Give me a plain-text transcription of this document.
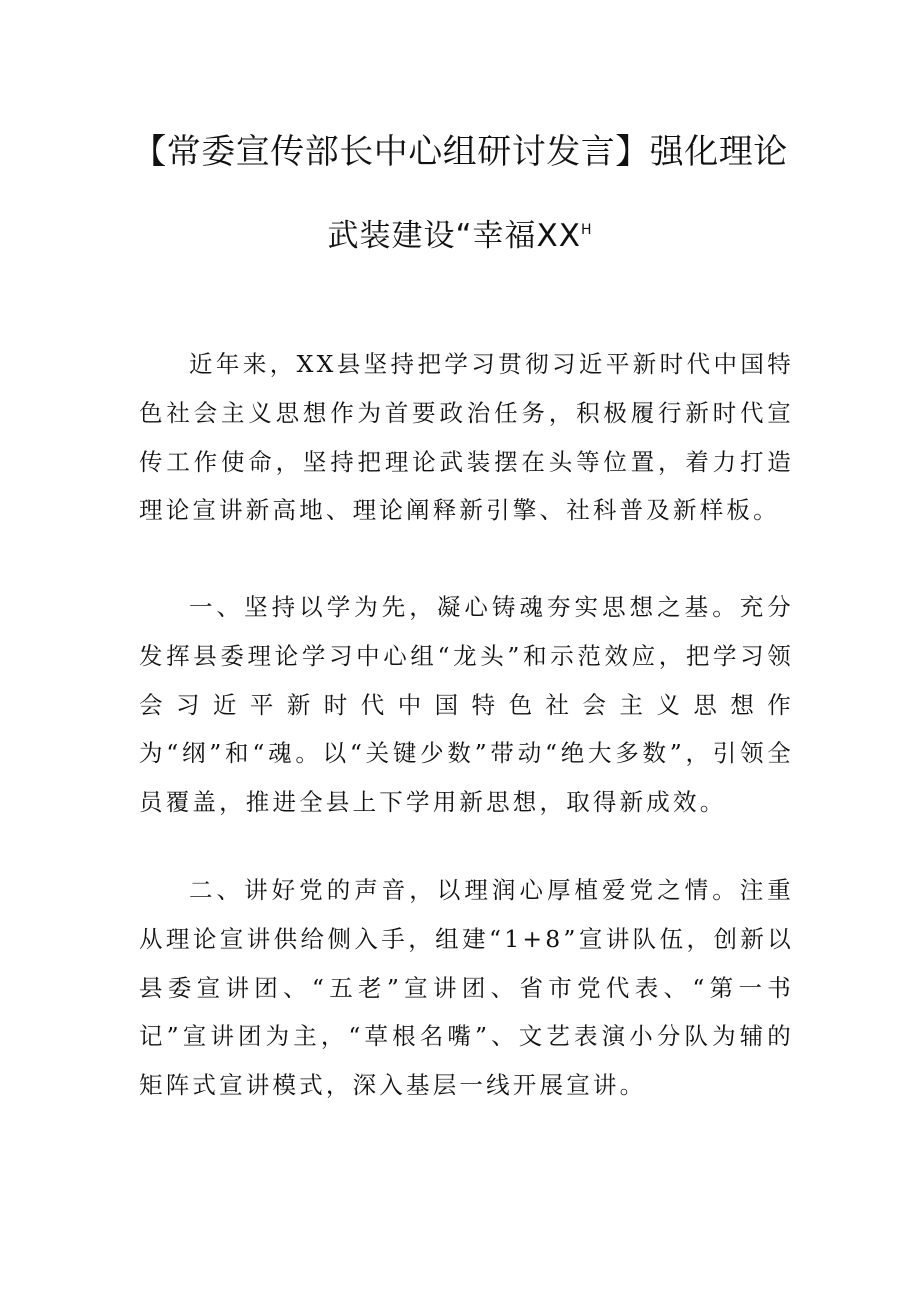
【常委宣传部长中心组研讨发言】强化理论
武装建设“幸福$XX^H$

近年来，XX县坚持把学习贯彻习近平新时代中国特色社会主义思想作为首要政治任务，积极履行新时代宣传工作使命，坚持把理论武装摆在头等位置，着力打造理论宣讲新高地、理论阐释新引擎、社科普及新样板。

一、坚持以学为先，凝心铸魂夯实思想之基。充分发挥县委理论学习中心组“龙头”和示范效应，把学习领会习近平新时代中国特色社会主义思想作为“纲”和“魂。以“关键少数”带动“绝大多数”，引领全员覆盖，推进全县上下学用新思想，取得新成效。

二、讲好党的声音，以理润心厚植爱党之情。注重从理论宣讲供给侧入手，组建“1+8”宣讲队伍，创新以县委宣讲团、“五老”宣讲团、省市党代表、“第一书记”宣讲团为主，“草根名嘴”、文艺表演小分队为辅的矩阵式宣讲模式，深入基层一线开展宣讲。
